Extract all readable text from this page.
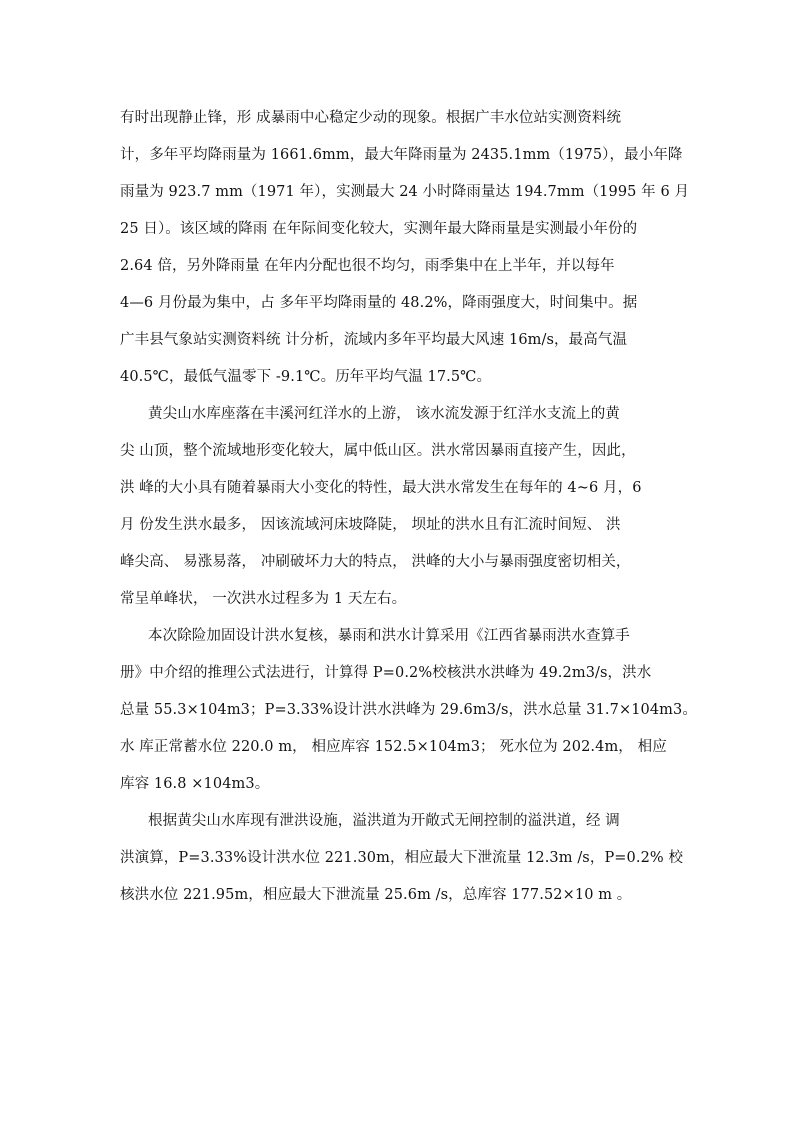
有时出现静止锋，形 成暴雨中心稳定少动的现象。根据广丰水位站实测资料统
计，多年平均降雨量为 1661.6mm，最大年降雨量为 2435.1mm（1975），最小年降
雨量为 923.7 mm（1971 年），实测最大 24 小时降雨量达 194.7mm（1995 年 6 月
25 日）。该区域的降雨 在年际间变化较大，实测年最大降雨量是实测最小年份的
2.64 倍，另外降雨量 在年内分配也很不均匀，雨季集中在上半年，并以每年
4—6 月份最为集中，占 多年平均降雨量的 48.2%，降雨强度大，时间集中。据
广丰县气象站实测资料统 计分析，流域内多年平均最大风速 16m/s，最高气温
40.5℃，最低气温零下 -9.1℃。历年平均气温 17.5℃。
黄尖山水库座落在丰溪河红洋水的上游， 该水流发源于红洋水支流上的黄
尖 山顶，整个流域地形变化较大，属中低山区。洪水常因暴雨直接产生，因此，
洪 峰的大小具有随着暴雨大小变化的特性，最大洪水常发生在每年的 4~6 月，6
月 份发生洪水最多， 因该流域河床坡降陡， 坝址的洪水且有汇流时间短、 洪
峰尖高、 易涨易落， 冲刷破坏力大的特点， 洪峰的大小与暴雨强度密切相关，
常呈单峰状， 一次洪水过程多为 1 天左右。
本次除险加固设计洪水复核，暴雨和洪水计算采用《江西省暴雨洪水查算手
册》中介绍的推理公式法进行，计算得 P=0.2%校核洪水洪峰为 49.2m3/s，洪水
总量 55.3×104m3；P=3.33%设计洪水洪峰为 29.6m3/s，洪水总量 31.7×104m3。
水 库正常蓄水位 220.0 m， 相应库容 152.5×104m3； 死水位为 202.4m， 相应
库容 16.8 ×104m3。
根据黄尖山水库现有泄洪设施，溢洪道为开敞式无闸控制的溢洪道，经 调
洪演算，P=3.33%设计洪水位 221.30m，相应最大下泄流量 12.3m /s，P=0.2% 校
核洪水位 221.95m，相应最大下泄流量 25.6m /s，总库容 177.52×10 m 。
